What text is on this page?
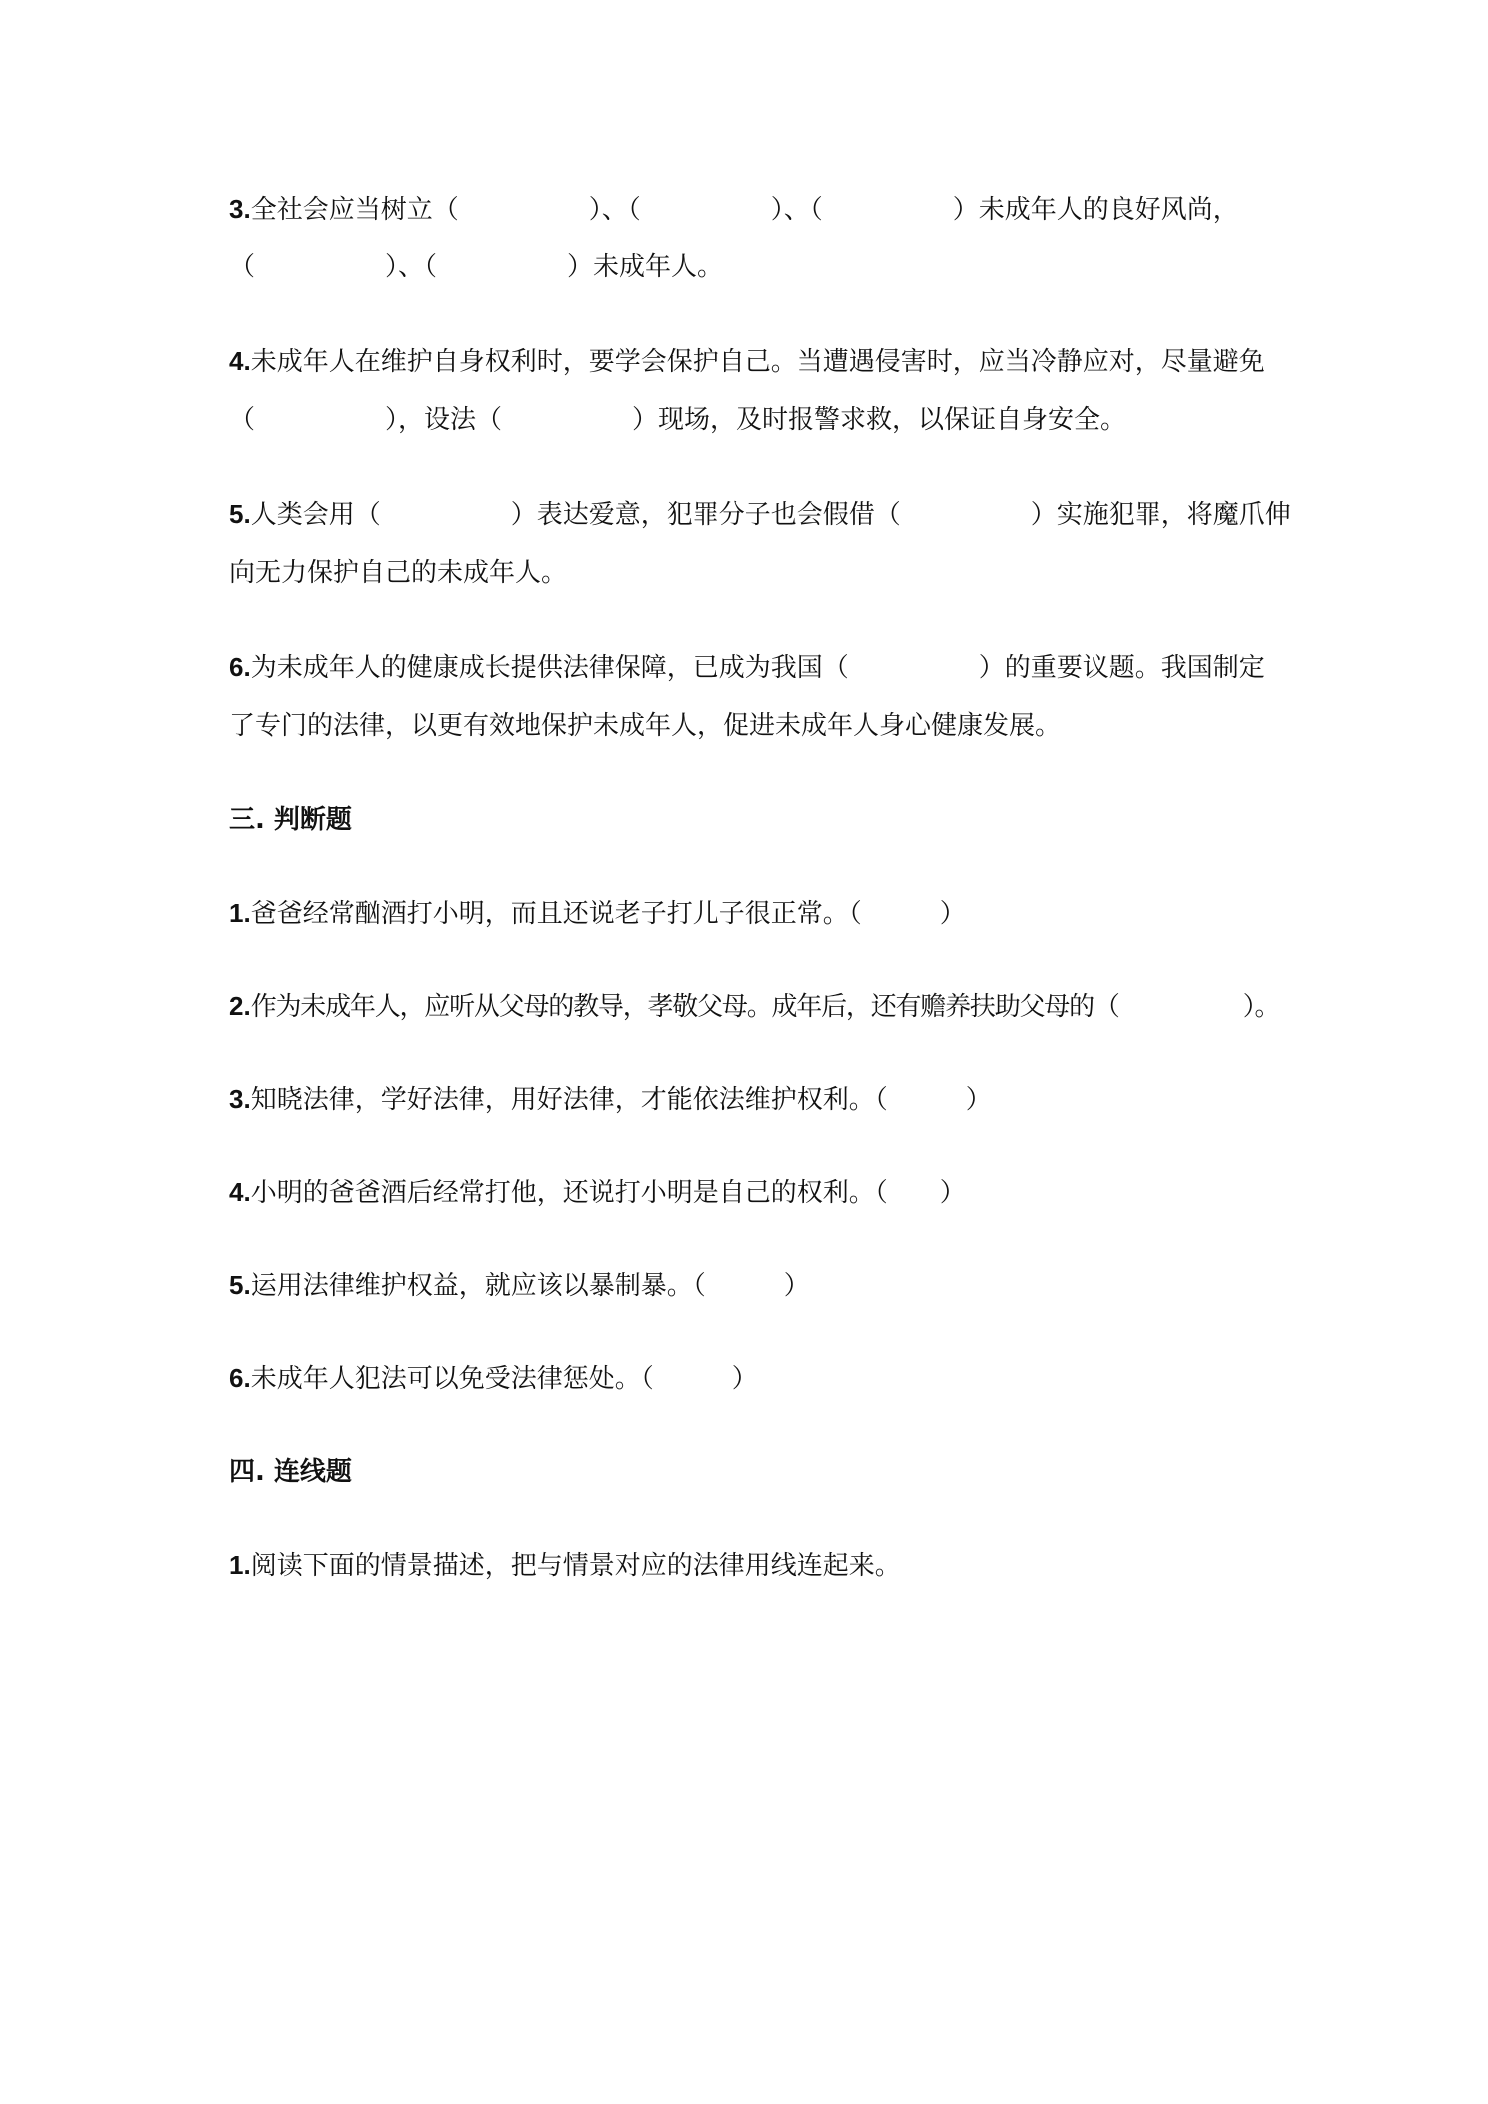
3.全社会应当树立（　　　　　）、（　　　　　）、（　　　　　）未成年人的良好风尚，
（　　　　　）、（　　　　　）未成年人。
4.未成年人在维护自身权利时，要学会保护自己。当遭遇侵害时，应当冷静应对，尽量避免
（　　　　　），设法（　　　　　）现场，及时报警求救，以保证自身安全。
5.人类会用（　　　　　）表达爱意，犯罪分子也会假借（　　　　　）实施犯罪，将魔爪伸
向无力保护自己的未成年人。
6.为未成年人的健康成长提供法律保障，已成为我国（　　　　　）的重要议题。我国制定
了专门的法律，以更有效地保护未成年人，促进未成年人身心健康发展。
三. 判断题
1.爸爸经常酗酒打小明，而且还说老子打儿子很正常。（　　　）
2.作为未成年人，应听从父母的教导，孝敬父母。成年后，还有赡养扶助父母的（　　　　　）。
3.知晓法律，学好法律，用好法律，才能依法维护权利。（　　　）
4.小明的爸爸酒后经常打他，还说打小明是自己的权利。（　　）
5.运用法律维护权益，就应该以暴制暴。（　　　）
6.未成年人犯法可以免受法律惩处。（　　　）
四. 连线题
1.阅读下面的情景描述，把与情景对应的法律用线连起来。
